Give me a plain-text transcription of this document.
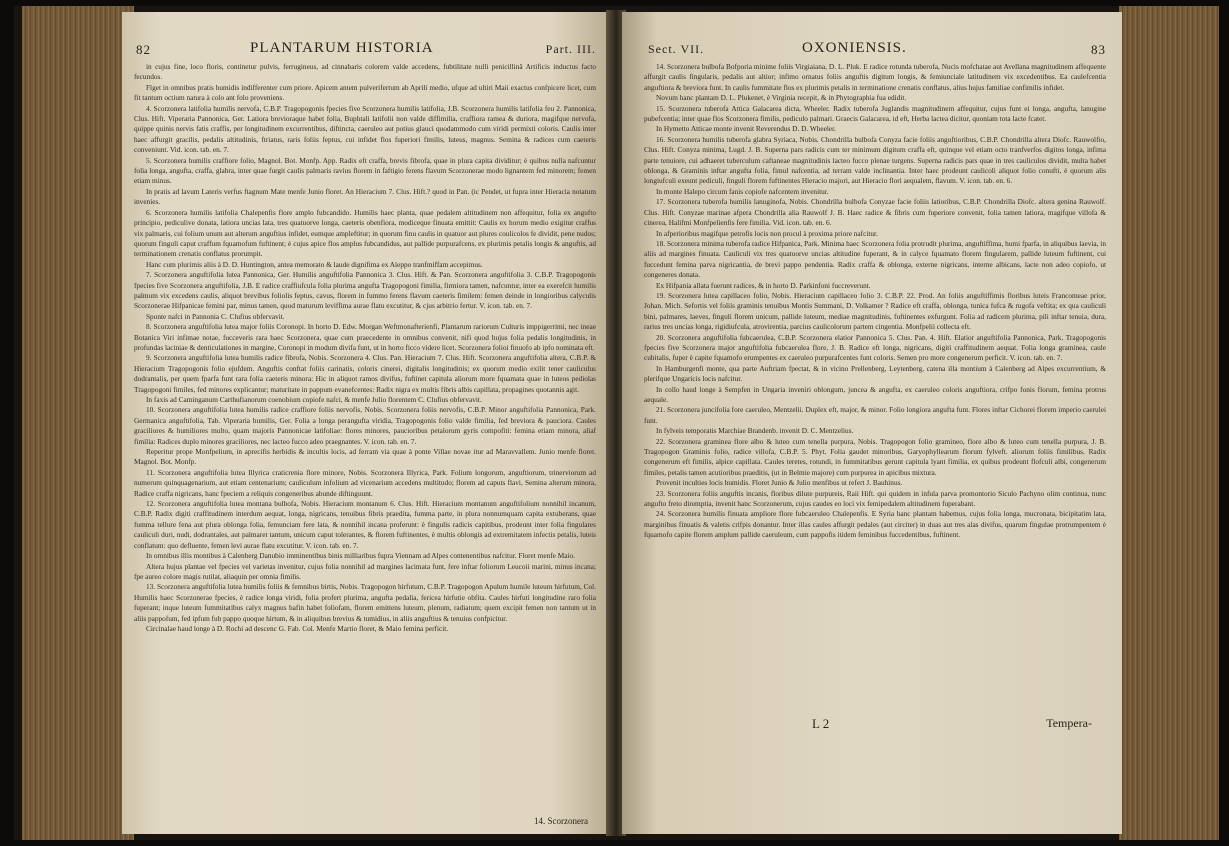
82	PLANTARUM HISTORIA	Part. III.

in cujus fine, loco floris, continetur pulvis, ferrugineus, ad cinnabaris colorem valde accedens, fubtilitate nulli penicillinâ Artificis inductus facto fecundos.

Flget in omnibus pratis humidis indifferenter cum priore. Apicem antem pulverifertum ab Aprili medio, ufque ad ultiri Maii exactus confpicere licet, cum fit tantum octium natura à colo ant folo proveniens.

4. Scorzonera latifolia humilis nervofa, C.B.P. Tragopogonis fpecies five Scorzonera humilis latifolia, J.B. Scorzonera humilis latifolia feu 2. Pannonica, Clus. Hift. Viperaria Pannonica, Ger. Latiora brevioraque habet folia, Buphtali latifolii non valde diffimilia, craffiora ramea & duriora, magifque nervofa, quippe quinis nervis fatis craffis, per longitudinem excurrentibus, diftincta, caeruleo aut potius glauci quodammodo cum viridi permixti coloris. Caulis inter haec affurgit gracilis, pedalis altitudinis, ftriatus, raris foliis feptus, cui infidet flos fuperiori fimilis, luteus, magnus. Semina & radices cum caeteris conveniunt. Vid. icon. tab. en. 7.

5. Scorzonera humilis craffiore folio, Magnol. Bot. Monfp. App. Radix eft craffa, brevis fibrofa, quae in plura capita dividitur; è quibus nulla nafcuntur folia longa, angufta, craffa, glabra, inter quae furgit caulis palmaris ravius florem in faftigio ferens flavum Scorzonerae modo lignantem fed minorem; femen etiam minus.

In pratis ad lavum Lateris verfus ftagnum Mate menfe Junio floret. An Hieracium 7. Clus. Hift.? quod in Pan. (ic Pendet, ut fupra inter Hieracia notatum invenies.

6. Scorzonera humilis latifolia Chalepenfis flore amplo fubcandido. Humilis haec planta, quae pedalem altitudinem non affequitur, folia ex angufto principio, pediculive donata, latiora uncias lata, tres quatuorve longa, caeteris obenfiora, modiceque finuata emittit: Caulis ex horum medio exigitur craffus vix palmaris, cui folium unum aut alterum anguftius infidet, eumque ampleftitur; in quorum finu caulis in quatuor aut plures coulicolos fe dividit, pene nudos; quorum finguli caput craffum fquamofum fuftinent; è cujus apice flos amplus fubcandidus, aut pallide purpurafcens, ex plurimis petalis longis & anguftis, ad terminationem crenatis conflatus prorumpit.

Hanc cum plurimis aliis à D. D. Huntington, antea memorato & laude dignifima ex Aleppo tranfmiffam accepimus.

7. Scorzonera anguftifolia lutea Pannonica, Ger. Humilis anguftifolia Pannonica 3. Clus. Hift. & Pan. Scorzonera anguftifolia 3. C.B.P. Tragopogonis fpecies five Scorzonera anguftifolia, J.B. E radice craffiufcula folia plurima angufta Tragopogoni fimilia, firmiora tamen, nafcuntur, inter ea exerefcit humilis palmum vix excedens caulis, aliquot brevibus foliolis feptus, cavus, florem in fummo ferens flavum caeteris fimilem: femen deinde in longioribus calyculis Scorzonerae Hifpanicae femini par, minus tamen, quod maturum leviffima aurae flatu excutitur, & cjus arbitrio fertur. V. icon. tab. en. 7.

Sponte nafci in Pannonia C. Clufius obfervavit.

8. Scorzonera anguftifolia lutea major foliis Coronopi. In horto D. Edw. Morgan Weftmonafterienfi, Plantarum rariorum Culturis imppigerrimi, nec ineae Botanica Viri infimae notae, fucceveris rara haec Scorzonera, quae cum praecedente in omnibus convenit, nifi quod hujus folia pedalis longitudinis, in profundas laciniae & denticulationes in margine, Coronopi in modum divifa funt, ut in horto ficco videre licet. Scorzonera folioi finuofo ab ipfo nominata eft.

9. Scorzonera anguftifolia lutea humilis radice fibrofa, Nobis. Scorzonera 4. Clus. Pan. Hieracium 7. Clus. Hift. Scorzonera anguftifolia altera, C.B.P. & Hieracium Tragopogonis folio ejufdem. Anguftis conftat foliis carinatis, coloris cinerei, digitalis longitudinis; ex quorum medio exilit tener cauliculus dodrantalis, per quem fparfa funt rara folia caeteris minora: Hic in aliquot ramos divifus, fuftinet capitula aliorum more fquamata quae in luteos pediolas Tragopogoni fimiles, fed minores explicantur; maturitate in pappum evanefcentes: Radix nigra ex multis fibris albis capillata, propagines quotannis agit.

In faxis ad Caminganum Carthufianorum coenobium copiofe nafci, & menfe Julio florentem C. Clufius obfervavit.

10. Scorzonera anguftifolia lutea humilis radice craffiore foliis nervofis, Nobis. Scorzonera foliis nervofis, C.B.P. Minor anguftifolia Pannonica, Park. Germanica anguftifolia, Tab. Viperaria humilis, Ger. Folia a longa perangufta viridia, Tragopogonis folio valde fimilia, fed breviora & pauciora. Caules graciliores & humiliores multo, quam majoris Pannonicae latifoliae: flores minores, paucioribus petalorum gyris compofiti: femina etiam minora, aliaf fimilia: Radices duplo minores graciliores, nec lacteo fucco adeo praegnantes. V. icon. tab. en. 7.

Reperitur prope Monfpelium, in aprecifis herbidis & incultis locis, ad ferram via quae à ponte Villae novae itur ad Maravvallem. Junio menfe floret. Magnol. Bot. Monfp.

11. Scorzonera anguftifolia lutea Illyrica craticrenia flore minore, Nobis. Scorzonera Illyrica, Park. Folium longorum, anguftiorum, trinerviorum ad numerum quinquagenarium, aut etiam centenarium; cauliculum infolium ad vicenarium accedens multitudo; florem ad caputs flavi, Semina alterum minora, Radice craffa nigricans, hanc fpeciem a reliquis congeneribus abunde diftinguunt.

12. Scorzonera anguftifolia lutea montana bulbofa, Nobis. Hieracium montanum 6. Clus. Hift. Hieracium montanum anguftifolium nonnihil incanum, C.B.P. Radix digiti craffitudinem interdum aequat, longa, nigricans, tenuibus fibris praedita, fumma parte, in plura nonnumquam capita extuberans, quae fumma tellure fena aut plura oblonga folia, femunciam fere lata, & nonnihil incana proferunt: è fingulis radicis capitibus, prodeunt inter folia fingulares cauliculi duri, nudi, dodrantales, aut palmaret tantum, unicum caput tolerantes, & florem fuftinentes, è multis oblongis ad extremitatem infectis petalis, luteis conflatum: quo defluente, femen levi aurae flatu excutitur. V. icon. tab. en. 7.

In omnibus illis montibus à Calenberg Danubio imminentibus binis milliaribus fupra Viennam ad Alpes contenentibus nafcitur. Floret menfe Maio.

Altera hujus plantae vel fpecies vel varietas invenitur, cujus folia nonnihil ad margines lacimata funt, fere inftar foliorum Leucoii marini, minus incana; fpe aureo colore magis rutilat, aliaquin per omnia fimilis.

13. Scorzonera anguftifolia lutea humilis foliis & femnibus birtis, Nobis. Tragopogon hirfutum, C.B.P. Tragopogon Apulum humile luteum hirfutum, Col. Humilis haec Scorzonerae fpecies, è radice longa viridi, folia profert plurima, angufta pedalia, fericea hirfutie obfita. Caules hirfuti longitudine raro folia fuperant; inque luteum fummitatibus calyx magnus bafin habet foliofam, florem emittens luteum, plenum, radiatum; quem excipit femen non tantum ut in aliis pappofum, fed ipfum fub pappo quoque hirtum, & in aliquibus brevius & tumidius, in aliis anguftius & tenuius confpicitur.

Circinalae haud longe à D. Rochi ad descenc G. Fab. Col. Menfe Martio floret, & Maio femina perficit.

14. Scorzonera
Sect. VII.	OXONIENSIS.	83

14. Scorzonera bulbofa Bofporia minime foliis Virgiaiana, D. L. Pluk. E radice rotunda tuberofa, Nucis mofchatae aut Avellana magnitudinem affequente affurgit caulis fingularis, pedalis aut altior; infimo ornatus foliis anguftis digitum longis, & femiunciale latitudinem vix excedentibus. Ea caulefcentia anguftiora & breviora funt. In caulis fummitate flos ex plurimis petalis in terminatione crenatis conflatus, alius hujus familiae confimilis infidet.

Novum hanc plantam D. L. Plukenet, è Virginia recepit, & in Phytographia fua edidit.

15. Scorzonera tuberofa Attica Galacarea dicta, Wheeler. Radix tuberofa Juglandis magnitudinem affequitur, cujus funt ei longa, angufta, lanugine pubefcentia; inter quae flos Scorzonera fimilis, pediculo palmari. Graecis Galacarea, id eft, Herba lactea dicitur, quoniam tota lacte fcatet.

In Hymetto Atticae monte invenit Reverendus D. D. Wheeler.

16. Scorzonera humilis tuberofa glabra Syriaca, Nobis. Chondrilla bulbofa Conyza facie foliis anguftioribus, C.B.P. Chondrilla altera Diofc. Rauwolfio, Clus. Hift. Conyza minima, Lugd. J. B. Superna pars radicis cum ter minimum digitum craffa eft, quinque vel etiam octo tranfverfos digitos longa, infima parte tenuiore, cui adhaeret tuberculum caftaneae magnitudinis lacteo fucco plenae turgens. Superna radicis pars quae in tres cauliculos dividit, multa habet oblonga, & Graminis inftar angufta folia, fimul nafcentia, ad terram valde inclinantia. Inter haec prodeunt caulicoli aliquot folio conufti, è quorum alis longiufculi exeunt pediculi, finguli florem fuftinentes Hieracio majori, aut Hieracio flori aequalem, flavum. V. icon. tab. en. 6.

In monte Halepo circum fanis copiofe nafcentem invenitur.

17. Scorzonera tuberofa humilis lanuginofa, Nobis. Chondrilla bulbofa Conyzae facie foliis latioribus, C.B.P. Chondrilla Diofc. altera genina Rauwolf. Clus. Hift. Conyzae marinae afpera Chondrilla alia Rauwolf J. B. Haec radice & fibris cum fuperiore convenit, folia tamen latiora, magifque villofa & cinerea, Halifmi Monfpelienfis fere fimilia. Vid. icon. tab. en. 6.

In afperioribus magifque petrofis locis non procul à proxima priore nafcitur.

18. Scorzonera minima tuberofa radice Hifpanica, Park. Minima haec Scorzonera folia protrudit plurima, anguftiffima, humi fparfa, in aliquibus laevia, in aliis ad margines finuata. Cauliculi vix tres quatuorve uncias altitudine fuperant, & in calyce fquamato florem fingularem, pallide luteum fuftinent, cui fuccedunt femina parva nigricantia, de brevi pappo pendentia. Radix craffa & oblonga, externe nigricans, interne albicans, lacte non adeo copiofo, ut congeneres donata.

Ex Hifpania allata fuerunt radices, & in horto D. Parkinfoni fuccreverunt.

19. Scorzonera lutea capillaceo folio, Nobis. Hieracium capillaceo folio 3. C.B.P. 22. Prod. An foliis anguftiffimis floribus luteis Francomeae prior, Johan. Mich. Sefortis vel foliis graminis tenuibus Montis Summani, D. Volkamer ? Radice eft craffa, oblonga, tunica fufca & rugofa veftita; ex qua cauliculi bini, palmares, laeves, finguli florem unicum, pallide luteum, mediae magnitudinis, fuftinentes exfurgunt. Folia ad radicem plurima, pili inftar tenuia, dura, rarius tres uncias longa, rigidiufcula, atrovirentia, parcius caulicolorum partem cingentia. Monfpelii collecta eft.

20. Scorzonera anguftifolia fubcaerulea, C.B.P. Scorzonera elatior Pannonica 5. Clus. Pan. 4. Hift. Elatior anguftifolia Pannonica, Park. Tragopogonis fpecies five Scorzonera major anguftifolia fubcaerulea flore, J. B. Radice eft longa, nigricans, digiti craffitudinem aequat. Folia longa graminea, caule cubitalis, fuper è capite fquamofo erumpentes ex caeruleo purpurafcentes funt coloris. Semen pro more congenerum perficit. V. icon. tab. en. 7.

In Hamburgenfi monte, qua parte Auftriam fpectat, & in vicino Prellenberg, Leytenberg, catena illa montium à Calenberg ad Alpes excurrentium, & plerifque Ungaricis locis nafcitur.

In collo haud longe à Sempfen in Ungaria inveniri oblongum, juncea & angufta, ex caeruleo coloris anguftiora, crifpo fonis florum, femina protrus aequale.

21. Scorzonera juncifolia fore caeruleo, Mentzelii. Duplex eft, major, & minor. Folio longiora angufta funt. Flores inftar Cichorei florem imperio caerulei funt.

In fylveis temporatis Marchiae Brandenb. invenit D. C. Mentzelius.

22. Scorzonera graminea flore albo & luteo cum tenella purpura, Nobis. Tragopogon folio gramineo, flore albo & luteo cum tenella purpura, J. B. Tragopogon Graminis folio, radice villofa, C.B.P. 5. Phyt. Folia gaudet minoribus, Garyophyllearum florum fylveft. aliorum foliis fimilibus. Radix congenerum eft fimilis, alpice capillata. Caules teretes, rotundi, in fummitatibus gerunt capitula lyant fimilia, ex quibus prodeunt flofculi albi, congenerum fimiles, petalis tamen acutioribus praeditis, (ut in Belmie majore) cum purpurea in apicibus mixtura.

Provenit inculties locis humidis. Floret Junio & Julio menfibus ut refert J. Bauhinus.

23. Scorzonera foliis anguftis incanis, floribus dilute purpureis, Raii Hift. qui quidem in infula parva promontorio Siculo Pachyno olim continua, nunc angufto freto diremptia, invenit hanc Scorzonerum, cujus caudes eo loci vix femipedalem altitudinem fuperabant.

24. Scorzonera humilis finuata ampliore flore fubcaeruleo Chalepenfis. E Syria hanc plantam habemus, cujus folia longa, mucronata, bicipitatim lata, marginibus finuatis & valetis crifpis donantur. Inter illas caules affurgit pedales (aut circiter) in duas aut tres alas divifus, quarum fingulae protrumpentem è fquamofo capite florem amplum pallide caeruleum, cum pappofis itidem feminibus fuccedentibus, fuftinent.

L 2	Tempera-
